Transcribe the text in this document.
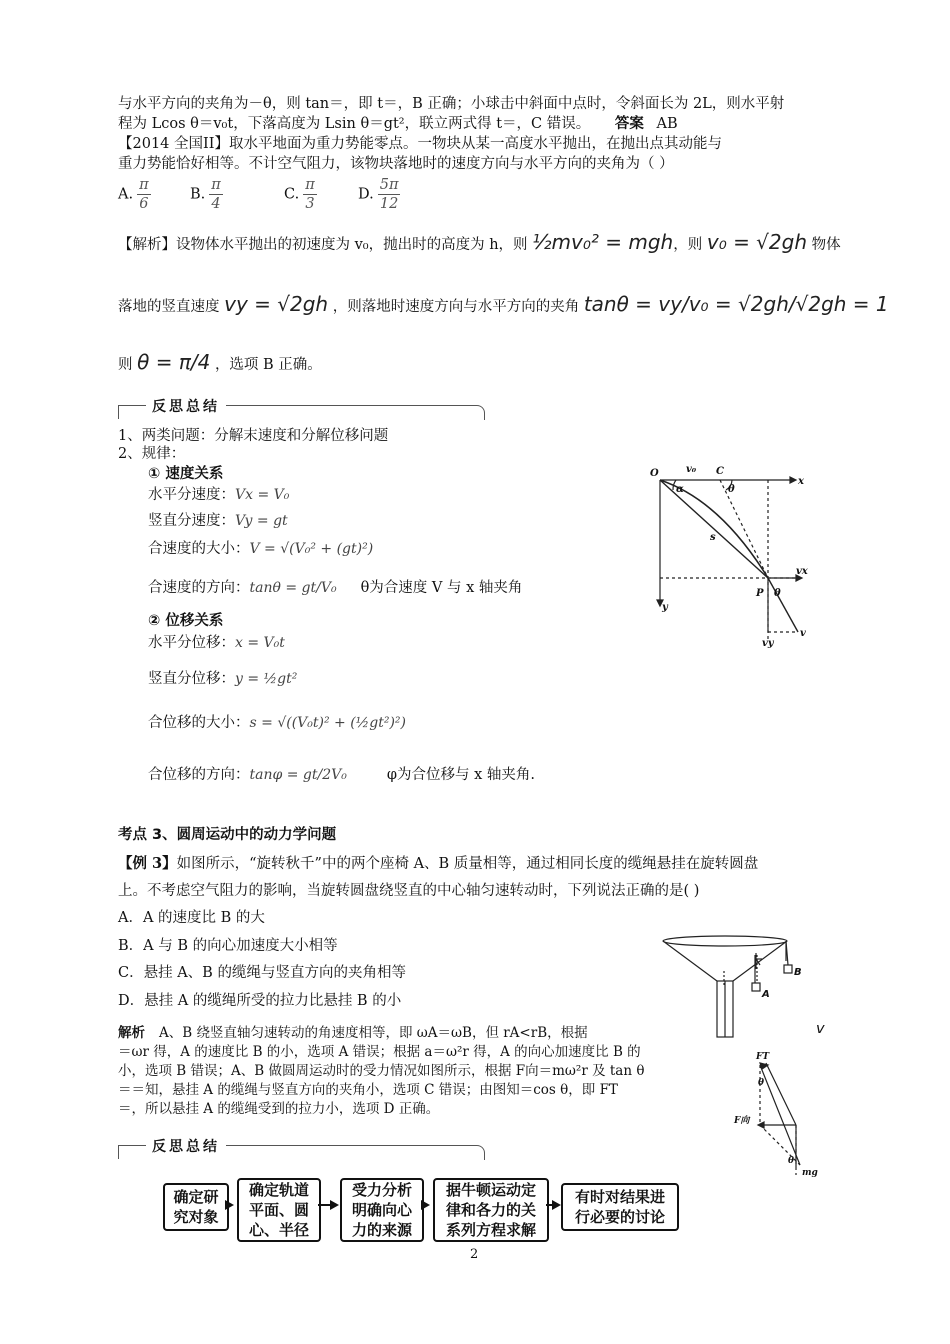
与水平方向的夹角为－θ，则 tan＝，即 t＝，B 正确；小球击中斜面中点时，令斜面长为 2L，则水平射
程为 Lcos θ＝v₀t，下落高度为 Lsin θ＝gt²，联立两式得 t＝，C 错误。 答案 AB
【2014 全国II】取水平地面为重力势能零点。一物块从某一高度水平抛出，在抛出点其动能与
重力势能恰好相等。不计空气阻力，该物块落地时的速度方向与水平方向的夹角为（ ）
A. $\frac{\pi}{6}$	B. $\frac{\pi}{4}$	C. $\frac{\pi}{3}$	D. $\frac{5\pi}{12}$
【解析】设物体水平抛出的初速度为 v₀，抛出时的高度为 h，则 ½mv₀² = mgh，则 v₀ = √2gh 物体
落地的竖直速度 vy = √2gh ，则落地时速度方向与水平方向的夹角 tanθ = vy/v₀ = √2gh/√2gh = 1
则 θ = π/4 ，选项 B 正确。
反思总结
1、两类问题：分解末速度和分解位移问题
2、规律：
① 速度关系
水平分速度：Vx = V₀
竖直分速度：Vy = gt
合速度的大小：V = √(V₀² + (gt)²)
合速度的方向：tanθ = gt/V₀ θ为合速度 V 与 x 轴夹角
② 位移关系
水平分位移：x = V₀t
竖直分位移：y = ½gt²
合位移的大小：s = √((V₀t)² + (½gt²)²)
合位移的方向：tanφ = gt/2V₀	φ为合位移与 x 轴夹角.
O	v₀ C
x
α	θ
s
P θ
vx
y
vy
v
考点 3、圆周运动中的动力学问题
【例 3】如图所示，“旋转秋千”中的两个座椅 A、B 质量相等，通过相同长度的缆绳悬挂在旋转圆盘
上。不考虑空气阻力的影响，当旋转圆盘绕竖直的中心轴匀速转动时，下列说法正确的是( )
A．A 的速度比 B 的大
B．A 与 B 的向心加速度大小相等
C．悬挂 A、B 的缆绳与竖直方向的夹角相等
D．悬挂 A 的缆绳所受的拉力比悬挂 B 的小	A
B
解析 A、B 绕竖直轴匀速转动的角速度相等，即 ωA＝ωB，但 rA<rB，根据	v
＝ωr 得，A 的速度比 B 的小，选项 A 错误；根据 a＝ω²r 得，A 的向心加速度比 B 的
小，选项 B 错误；A、B 做圆周运动时的受力情况如图所示，根据 F向＝mω²r 及 tan θ
＝＝知，悬挂 A 的缆绳与竖直方向的夹角小，选项 C 错误；由图知＝cos θ，即 FT
＝，所以悬挂 A 的缆绳受到的拉力小，选项 D 正确。
FT
θ
F向
θ
mg
反思总结
确定研
究对象
确定轨道
平面、圆
心、半径
受力分析
明确向心
力的来源
据牛顿运动定
律和各力的关
系列方程求解
有时对结果进
行必要的讨论
2
